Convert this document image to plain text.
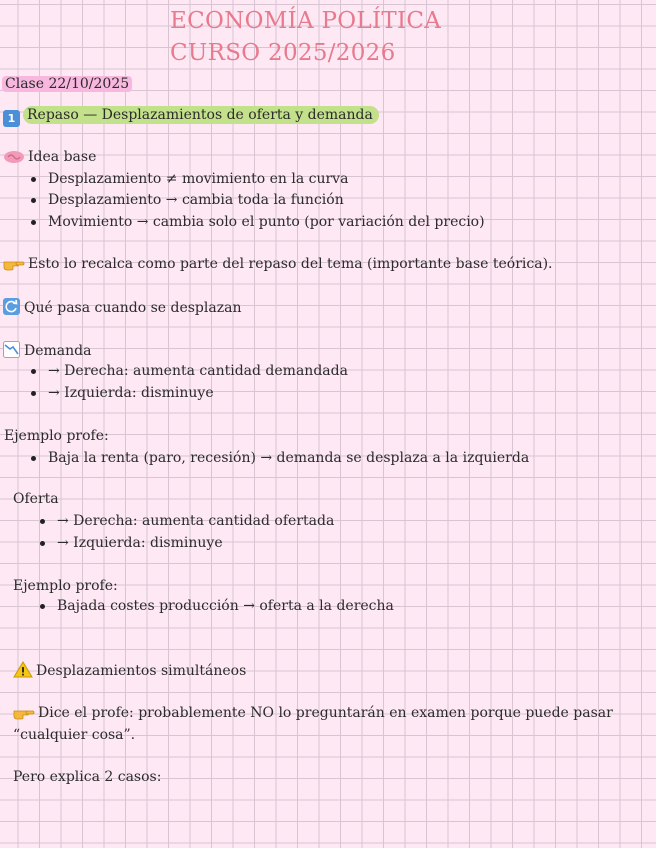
ECONOMÍA POLÍTICA
CURSO 2025/2026
Clase 22/10/2025
1 Repaso — Desplazamientos de oferta y demanda
Idea base
Desplazamiento ≠ movimiento en la curva
Desplazamiento → cambia toda la función
Movimiento → cambia solo el punto (por variación del precio)
Esto lo recalca como parte del repaso del tema (importante base teórica).
Qué pasa cuando se desplazan
Demanda
→ Derecha: aumenta cantidad demandada
→ Izquierda: disminuye
Ejemplo profe:
Baja la renta (paro, recesión) → demanda se desplaza a la izquierda
Oferta
→ Derecha: aumenta cantidad ofertada
→ Izquierda: disminuye
Ejemplo profe:
Bajada costes producción → oferta a la derecha
Desplazamientos simultáneos
Dice el profe: probablemente NO lo preguntarán en examen porque puede pasar
“cualquier cosa”.
Pero explica 2 casos:
